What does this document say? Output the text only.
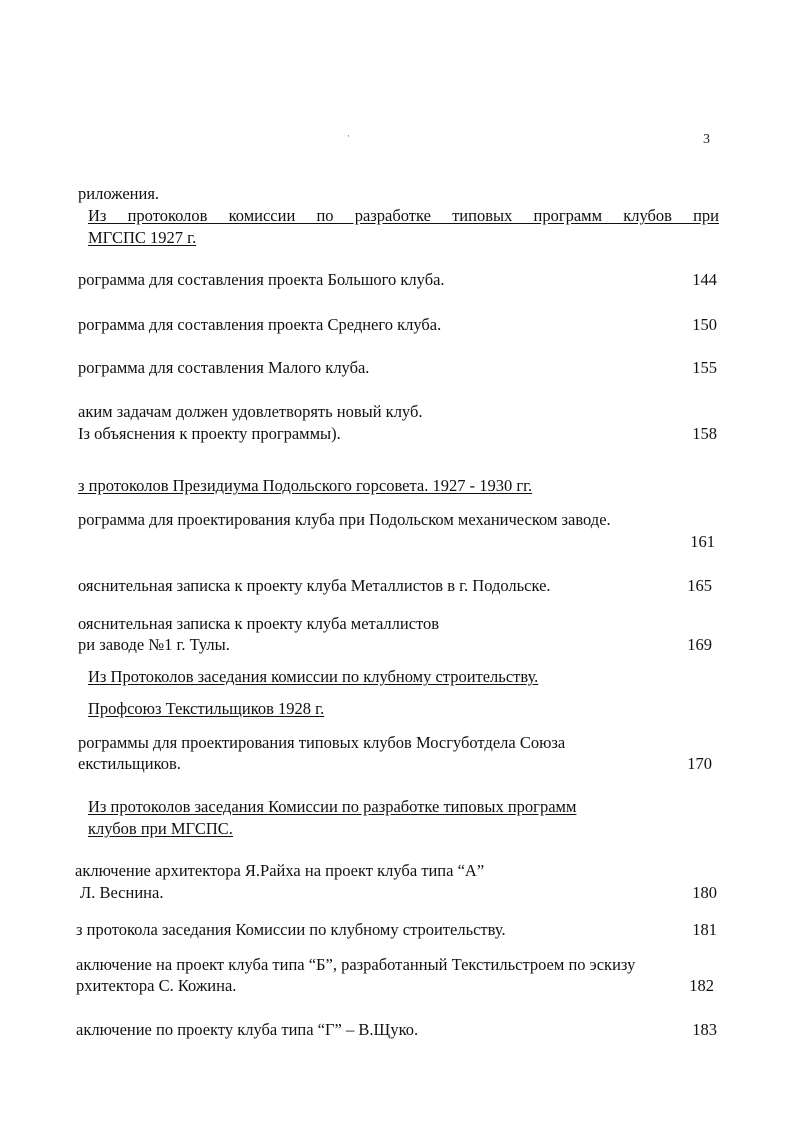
·	3
риложения.
Из протоколов комиссии по разработке типовых программ клубов при
МГСПС 1927 г.
рограмма для составления проекта Большого клуба.	144
рограмма для составления проекта Среднего клуба.	150
рограмма для составления Малого клуба.	155
аким задачам должен удовлетворять новый клуб.
Iз объяснения к проекту программы).	158
з протоколов Президиума Подольского горсовета. 1927 - 1930 гг.
рограмма для проектирования клуба при Подольском механическом заводе.
161
ояснительная записка к проекту клуба Металлистов в г. Подольске.	165
ояснительная записка к проекту клуба металлистов
ри заводе №1 г. Тулы.	169
Из Протоколов заседания комиссии по клубному строительству.
Профсоюз Текстильщиков 1928 г.
рограммы для проектирования типовых клубов Мосгуботдела Союза
екстильщиков.	170
Из протоколов заседания Комиссии по разработке типовых программ
клубов при МГСПС.
аключение архитектора Я.Райха на проект клуба типа “А”
Л. Веснина.	180
з протокола заседания Комиссии по клубному строительству.	181
аключение на проект клуба типа “Б”, разработанный Текстильстроем по эскизу
рхитектора С. Кожина.	182
аключение по проекту клуба типа “Г” – В.Щуко.	183
